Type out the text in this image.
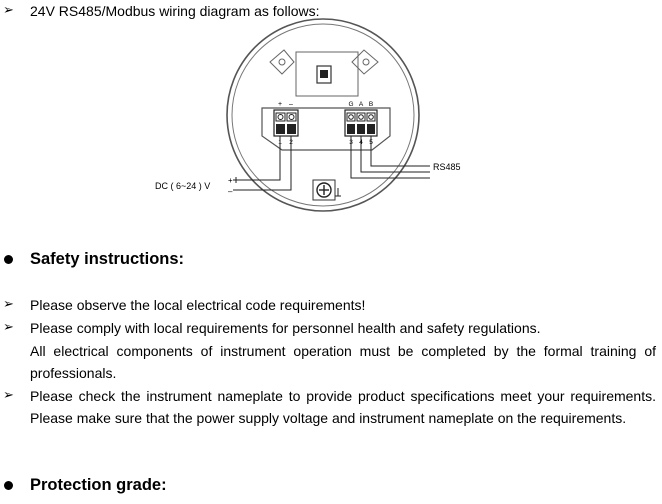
➢ 24V RS485/Modbus wiring diagram as follows:
+ –	G A B
1 2	3 4 5
RS485
DC ( 6~24 ) V
+
–
Safety instructions:
➢ Please observe the local electrical code requirements!
➢ Please comply with local requirements for personnel health and safety regulations.
All electrical components of instrument operation must be completed by the formal training of
professionals.
➢ Please check the instrument nameplate to provide product specifications meet your requirements.
Please make sure that the power supply voltage and instrument nameplate on the requirements.
Protection grade:
